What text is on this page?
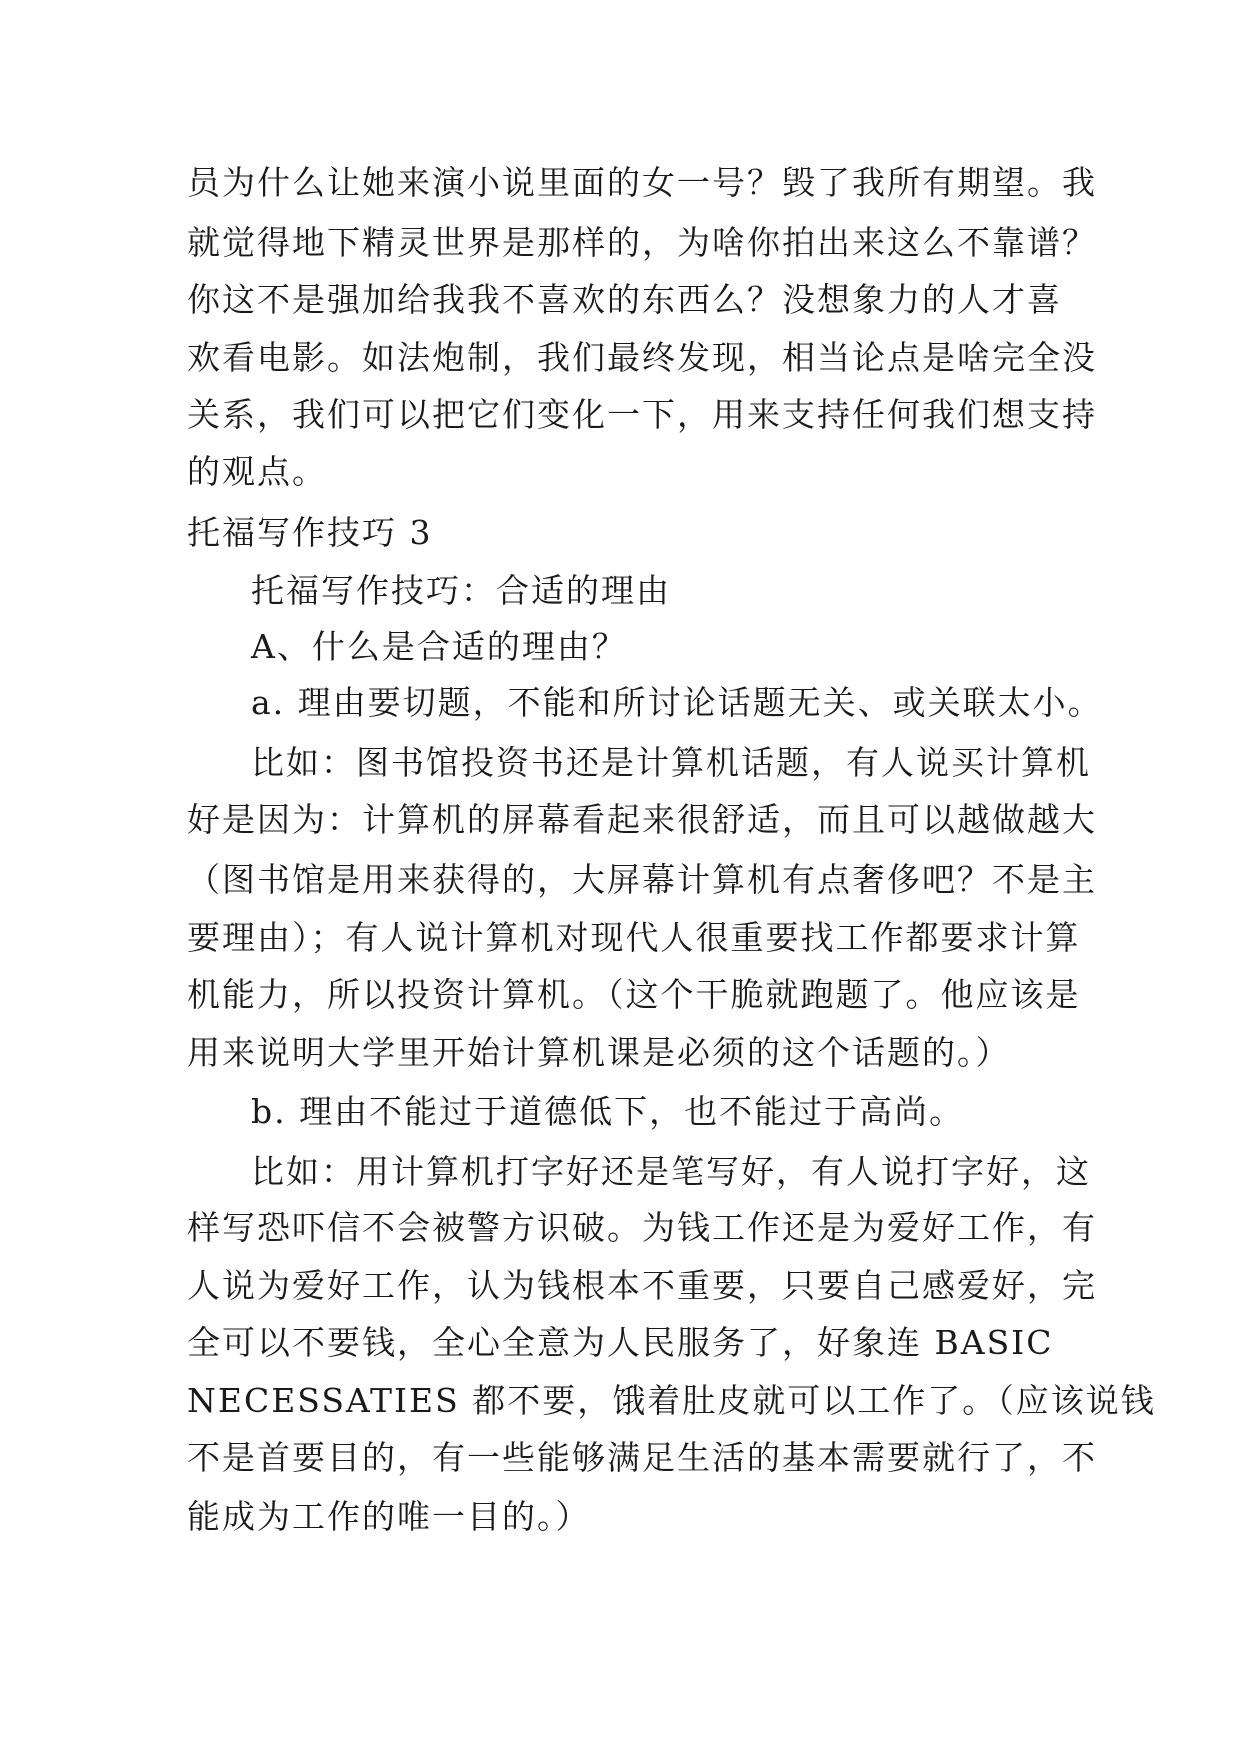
员为什么让她来演小说里面的女一号？毁了我所有期望。我
就觉得地下精灵世界是那样的，为啥你拍出来这么不靠谱？
你这不是强加给我我不喜欢的东西么？没想象力的人才喜
欢看电影。如法炮制，我们最终发现，相当论点是啥完全没
关系，我们可以把它们变化一下，用来支持任何我们想支持
的观点。
托福写作技巧 3
托福写作技巧：合适的理由
A、什么是合适的理由？
a. 理由要切题，不能和所讨论话题无关、或关联太小。
比如：图书馆投资书还是计算机话题，有人说买计算机
好是因为：计算机的屏幕看起来很舒适，而且可以越做越大
（图书馆是用来获得的，大屏幕计算机有点奢侈吧？不是主
要理由）；有人说计算机对现代人很重要找工作都要求计算
机能力，所以投资计算机。（这个干脆就跑题了。他应该是
用来说明大学里开始计算机课是必须的这个话题的。）
b. 理由不能过于道德低下，也不能过于高尚。
比如：用计算机打字好还是笔写好，有人说打字好，这
样写恐吓信不会被警方识破。为钱工作还是为爱好工作，有
人说为爱好工作，认为钱根本不重要，只要自己感爱好，完
全可以不要钱，全心全意为人民服务了，好象连 BASIC
NECESSATIES 都不要，饿着肚皮就可以工作了。（应该说钱
不是首要目的，有一些能够满足生活的基本需要就行了，不
能成为工作的唯一目的。）
